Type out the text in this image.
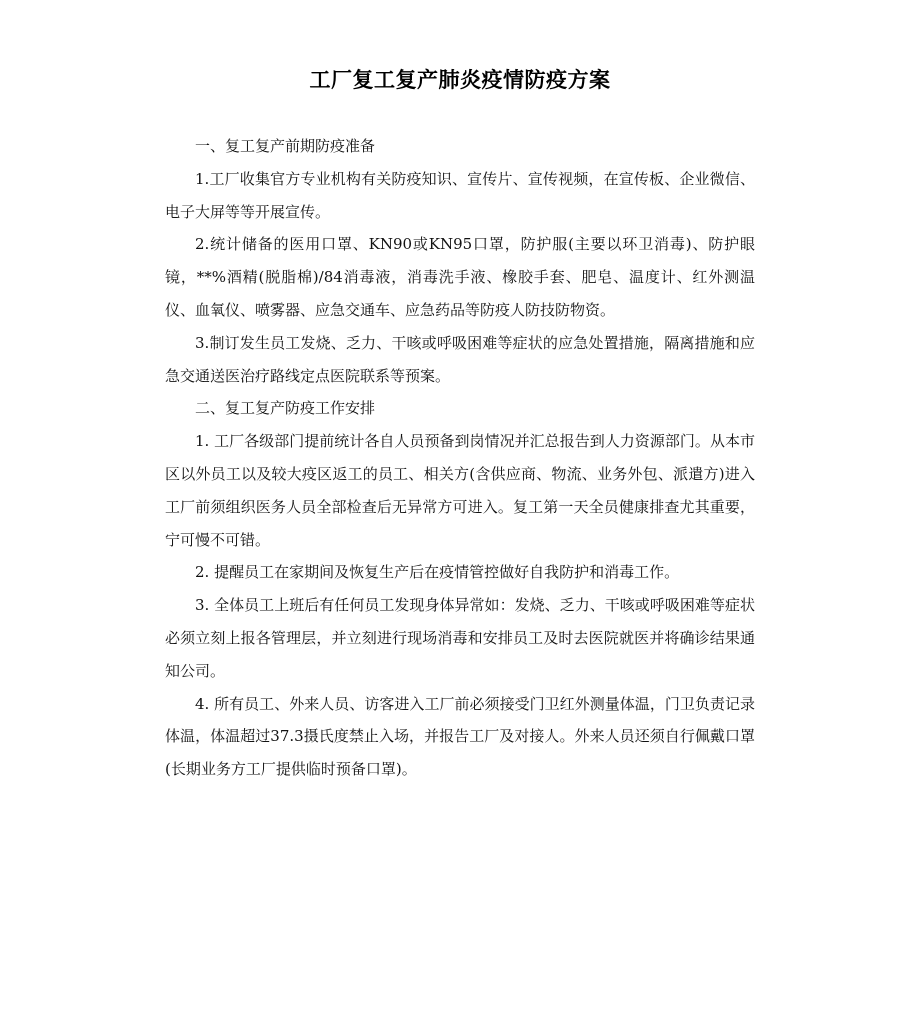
工厂复工复产肺炎疫情防疫方案

一、复工复产前期防疫准备

1.工厂收集官方专业机构有关防疫知识、宣传片、宣传视频，在宣传板、企业微信、电子大屏等等开展宣传。

2.统计储备的医用口罩、KN90或KN95口罩，防护服(主要以环卫消毒)、防护眼镜，**%酒精(脱脂棉)/84消毒液，消毒洗手液、橡胶手套、肥皂、温度计、红外测温仪、血氧仪、喷雾器、应急交通车、应急药品等防疫人防技防物资。

3.制订发生员工发烧、乏力、干咳或呼吸困难等症状的应急处置措施，隔离措施和应急交通送医治疗路线定点医院联系等预案。

二、复工复产防疫工作安排

1. 工厂各级部门提前统计各自人员预备到岗情况并汇总报告到人力资源部门。从本市区以外员工以及较大疫区返工的员工、相关方(含供应商、物流、业务外包、派遣方)进入工厂前须组织医务人员全部检查后无异常方可进入。复工第一天全员健康排查尤其重要，宁可慢不可错。

2. 提醒员工在家期间及恢复生产后在疫情管控做好自我防护和消毒工作。

3. 全体员工上班后有任何员工发现身体异常如：发烧、乏力、干咳或呼吸困难等症状必须立刻上报各管理层，并立刻进行现场消毒和安排员工及时去医院就医并将确诊结果通知公司。

4. 所有员工、外来人员、访客进入工厂前必须接受门卫红外测量体温，门卫负责记录体温，体温超过37.3摄氏度禁止入场，并报告工厂及对接人。外来人员还须自行佩戴口罩(长期业务方工厂提供临时预备口罩)。
